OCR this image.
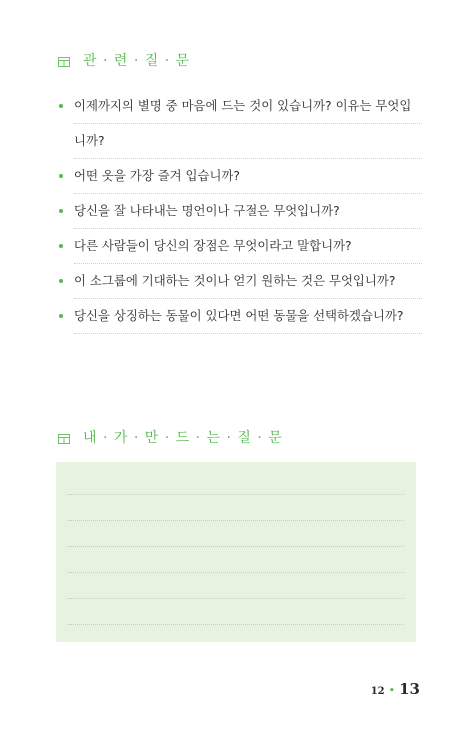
관 · 련 · 질 · 문
이제까지의 별명 중 마음에 드는 것이 있습니까? 이유는 무엇입
니까?
어떤 옷을 가장 즐겨 입습니까?
당신을 잘 나타내는 명언이나 구절은 무엇입니까?
다른 사람들이 당신의 장점은 무엇이라고 말합니까?
이 소그룹에 기대하는 것이나 얻기 원하는 것은 무엇입니까?
당신을 상징하는 동물이 있다면 어떤 동물을 선택하겠습니까?
내 · 가 · 만 · 드 · 는 · 질 · 문
12 • 13
